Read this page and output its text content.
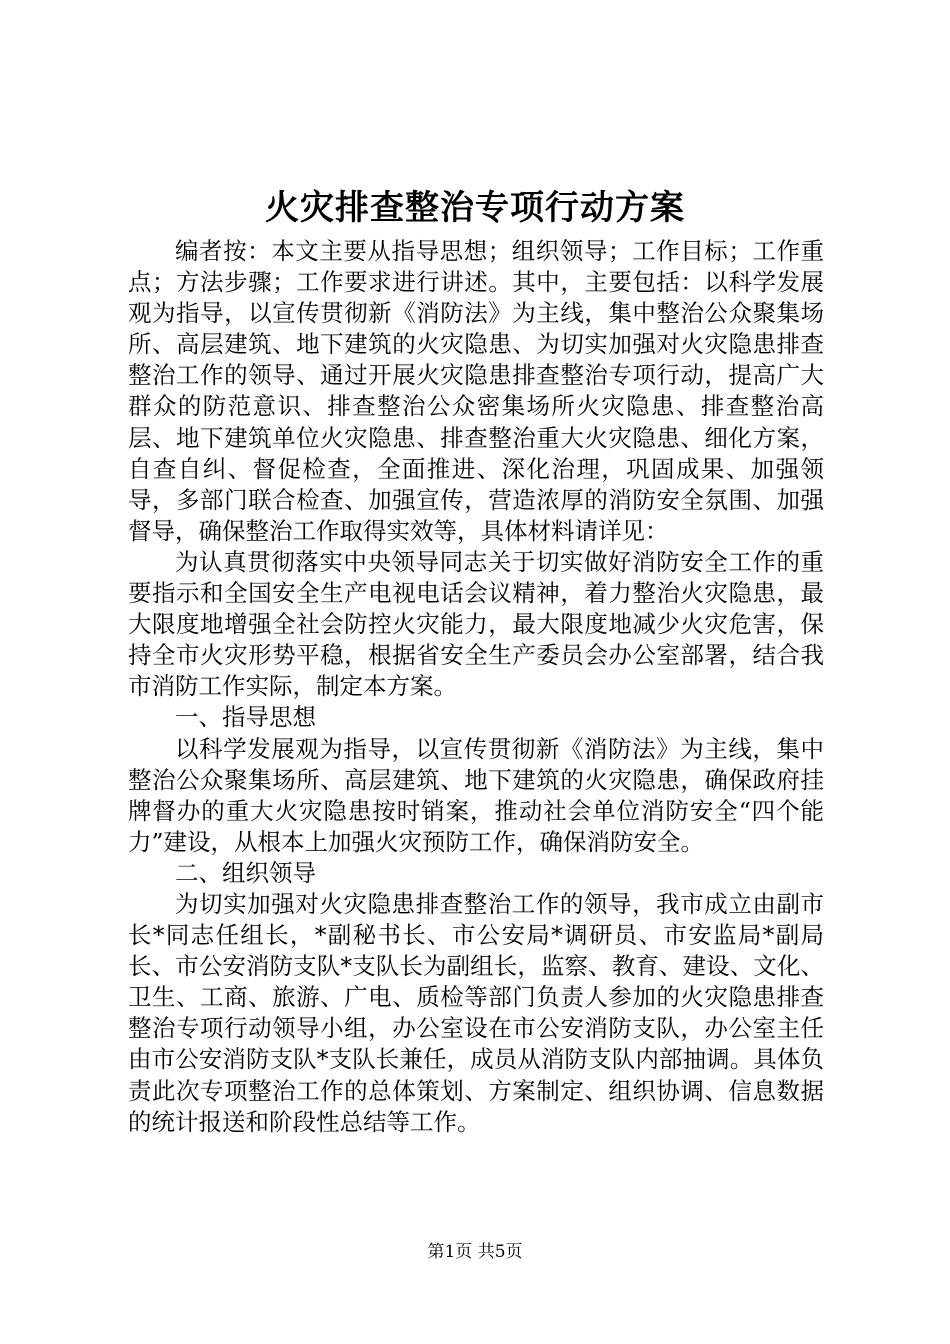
火灾排查整治专项行动方案

编者按：本文主要从指导思想；组织领导；工作目标；工作重点；方法步骤；工作要求进行讲述。其中，主要包括：以科学发展观为指导，以宣传贯彻新《消防法》为主线，集中整治公众聚集场所、高层建筑、地下建筑的火灾隐患、为切实加强对火灾隐患排查整治工作的领导、通过开展火灾隐患排查整治专项行动，提高广大群众的防范意识、排查整治公众密集场所火灾隐患、排查整治高层、地下建筑单位火灾隐患、排查整治重大火灾隐患、细化方案，自查自纠、督促检查，全面推进、深化治理，巩固成果、加强领导，多部门联合检查、加强宣传，营造浓厚的消防安全氛围、加强督导，确保整治工作取得实效等，具体材料请详见：

为认真贯彻落实中央领导同志关于切实做好消防安全工作的重要指示和全国安全生产电视电话会议精神，着力整治火灾隐患，最大限度地增强全社会防控火灾能力，最大限度地减少火灾危害，保持全市火灾形势平稳，根据省安全生产委员会办公室部署，结合我市消防工作实际，制定本方案。

一、指导思想

以科学发展观为指导，以宣传贯彻新《消防法》为主线，集中整治公众聚集场所、高层建筑、地下建筑的火灾隐患，确保政府挂牌督办的重大火灾隐患按时销案，推动社会单位消防安全“四个能力”建设，从根本上加强火灾预防工作，确保消防安全。

二、组织领导

为切实加强对火灾隐患排查整治工作的领导，我市成立由副市长*同志任组长，*副秘书长、市公安局*调研员、市安监局*副局长、市公安消防支队*支队长为副组长，监察、教育、建设、文化、卫生、工商、旅游、广电、质检等部门负责人参加的火灾隐患排查整治专项行动领导小组，办公室设在市公安消防支队，办公室主任由市公安消防支队*支队长兼任，成员从消防支队内部抽调。具体负责此次专项整治工作的总体策划、方案制定、组织协调、信息数据的统计报送和阶段性总结等工作。

第1页 共5页
